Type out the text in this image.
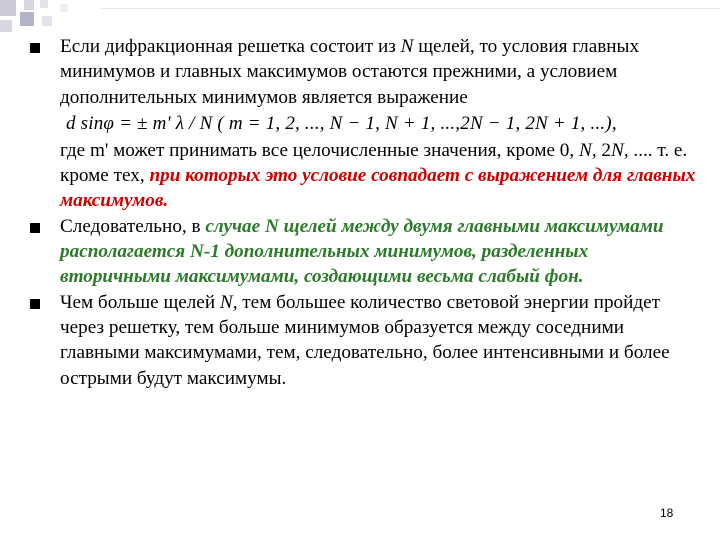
Если дифракционная решетка состоит из N щелей, то условия главных минимумов и главных максимумов остаются прежними, а условием дополнительных минимумов является выражение
d sinφ = ± m' λ / N ( m = 1, 2, ..., N − 1, N + 1, ...,2N − 1, 2N + 1, ...),
где m' может принимать все целочисленные значения, кроме 0, N, 2N, .... т. е. кроме тех, при которых это условие совпадает с выражением для главных максимумов.
Следовательно, в случае N щелей между двумя главными максимумами располагается N-1 дополнительных минимумов, разделенных вторичными максимумами, создающими весьма слабый фон.
Чем больше щелей N, тем большее количество световой энергии пройдет через решетку, тем больше минимумов образуется между соседними главными максимумами, тем, следовательно, более интенсивными и более острыми будут максимумы.
18
